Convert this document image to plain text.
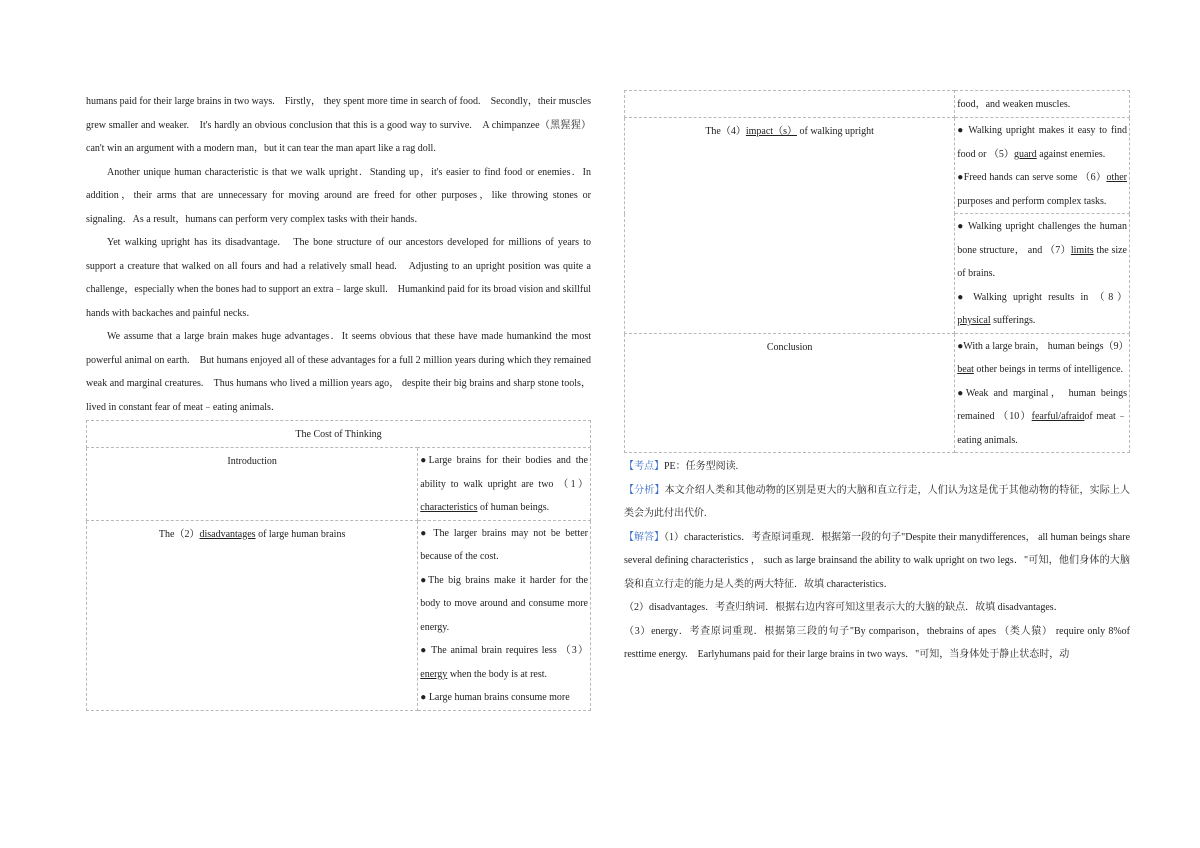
humans paid for their large brains in two ways.　Firstly， they spent more time in search of food.　Secondly，their muscles grew smaller and weaker.　It's hardly an obvious conclusion that this is a good way to survive.　A chimpanzee（黑猩猩）can't win an argument with a modern man，but it can tear the man apart like a rag doll.

Another unique human characteristic is that we walk upright．Standing up，it's easier to find food or enemies．In addition，their arms that are unnecessary for moving around are freed for other purposes，like throwing stones or signaling．As a result，humans can perform very complex tasks with their hands．

Yet walking upright has its disadvantage.　The bone structure of our ancestors developed for millions of years to support a creature that walked on all fours and had a relatively small head.　Adjusting to an upright position was quite a challenge，especially when the bones had to support an extra﹣large skull.　Humankind paid for its broad vision and skillful hands with backaches and painful necks．

We assume that a large brain makes huge advantages．It seems obvious that these have made humankind the most powerful animal on earth.　But humans enjoyed all of these advantages for a full 2 million years during which they remained weak and marginal creatures.　Thus humans who lived a million years ago， despite their big brains and sharp stone tools， lived in constant fear of meat﹣eating animals．

The Cost of Thinking	
Introduction	●Large brains for their bodies and the ability to walk upright are two （1）characteristics of human beings.
The（2）disadvantages of large human brains	● The larger brains may not be better because of the cost.
●The big brains make it harder for the body to move around and consume more energy.
● The animal brain requires less （3）energy when the body is at rest.
● Large human brains consume more
	food，and weaken muscles.
The（4）impact（s） of walking upright	● Walking upright makes it easy to find food or （5）guard against enemies.
●Freed hands can serve some （6）other purposes and perform complex tasks.

	● Walking upright challenges the human bone structure， and （7）limits the size of brains.
● Walking upright results in （8）physical sufferings.

Conclusion	●With a large brain， human beings（9）beat other beings in terms of intelligence.
●Weak and marginal， human beings remained （10）fearful/afraidof meat﹣eating animals.

【考点】PE：任务型阅读.

【分析】本文介绍人类和其他动物的区别是更大的大脑和直立行走，人们认为这是优于其他动物的特征，实际上人类会为此付出代价.

【解答】（1）characteristics．考查原词重现．根据第一段的句子"Despite their manydifferences， all human beings share several defining characteristics ， such as large brainsand the ability to walk upright on two legs．"可知，他们身体的大脑袋和直立行走的能力是人类的两大特征．故填 characteristics．

（2）disadvantages．考查归纳词．根据右边内容可知这里表示大的大脑的缺点．故填 disadvantages．

（3）energy．考查原词重现．根据第三段的句子"By comparison，thebrains of apes （类人猿） require only 8%of resttime energy.　Earlyhumans paid for their large brains in two ways．"可知，当身体处于静止状态时，动
